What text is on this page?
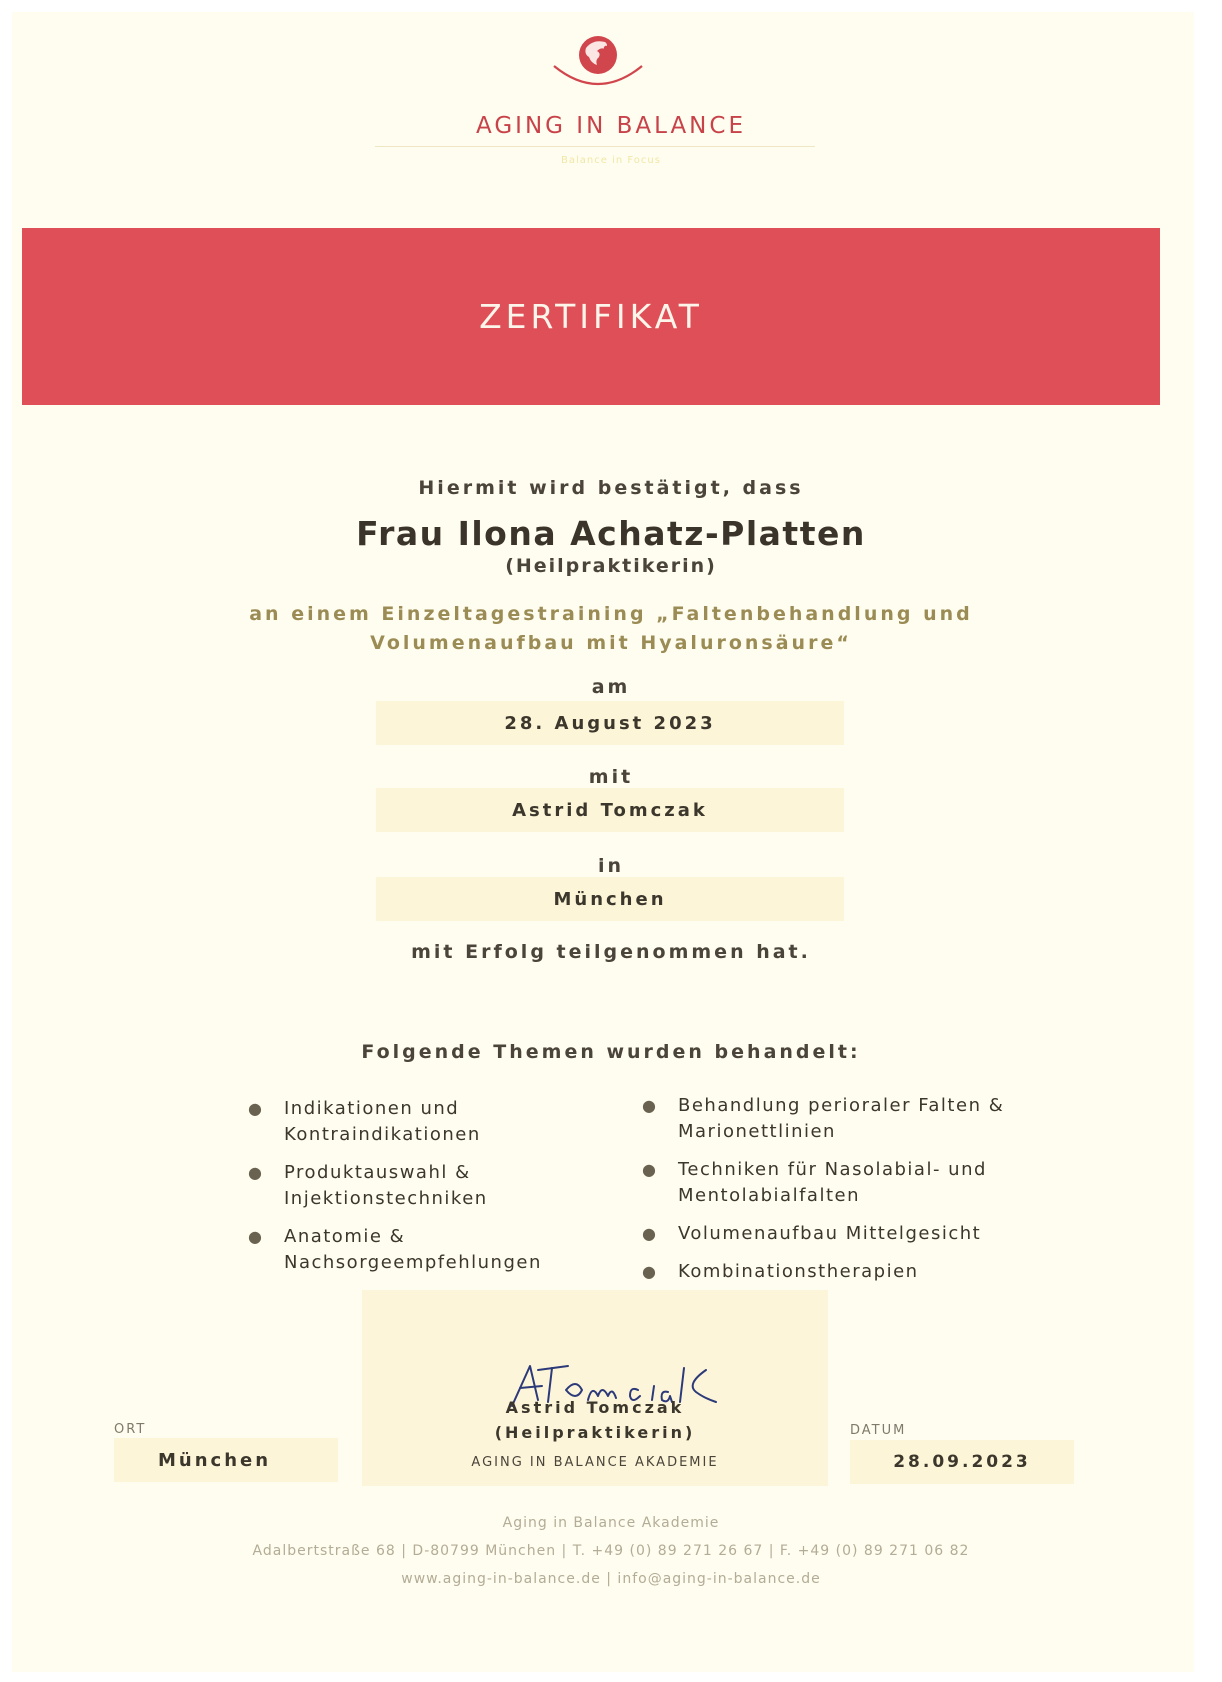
AGING IN BALANCE
Balance in Focus
ZERTIFIKAT
Hiermit wird bestätigt, dass
Frau Ilona Achatz-Platten
(Heilpraktikerin)
an einem Einzeltagestraining „Faltenbehandlung und
Volumenaufbau mit Hyaluronsäure“
am
28. August 2023
mit
Astrid Tomczak
in
München
mit Erfolg teilgenommen hat.
Folgende Themen wurden behandelt:
● Indikationen und
Kontraindikationen
● Produktauswahl &
Injektionstechniken
● Anatomie &
Nachsorgeempfehlungen
● Behandlung perioraler Falten &
Marionettlinien
● Techniken für Nasolabial- und
Mentolabialfalten
● Volumenaufbau Mittelgesicht
● Kombinationstherapien
Astrid Tomczak
(Heilpraktikerin)
AGING IN BALANCE AKADEMIE
ORT
München
DATUM
28.09.2023
Aging in Balance Akademie
Adalbertstraße 68 | D-80799 München | T. +49 (0) 89 271 26 67 | F. +49 (0) 89 271 06 82
www.aging-in-balance.de | info@aging-in-balance.de
